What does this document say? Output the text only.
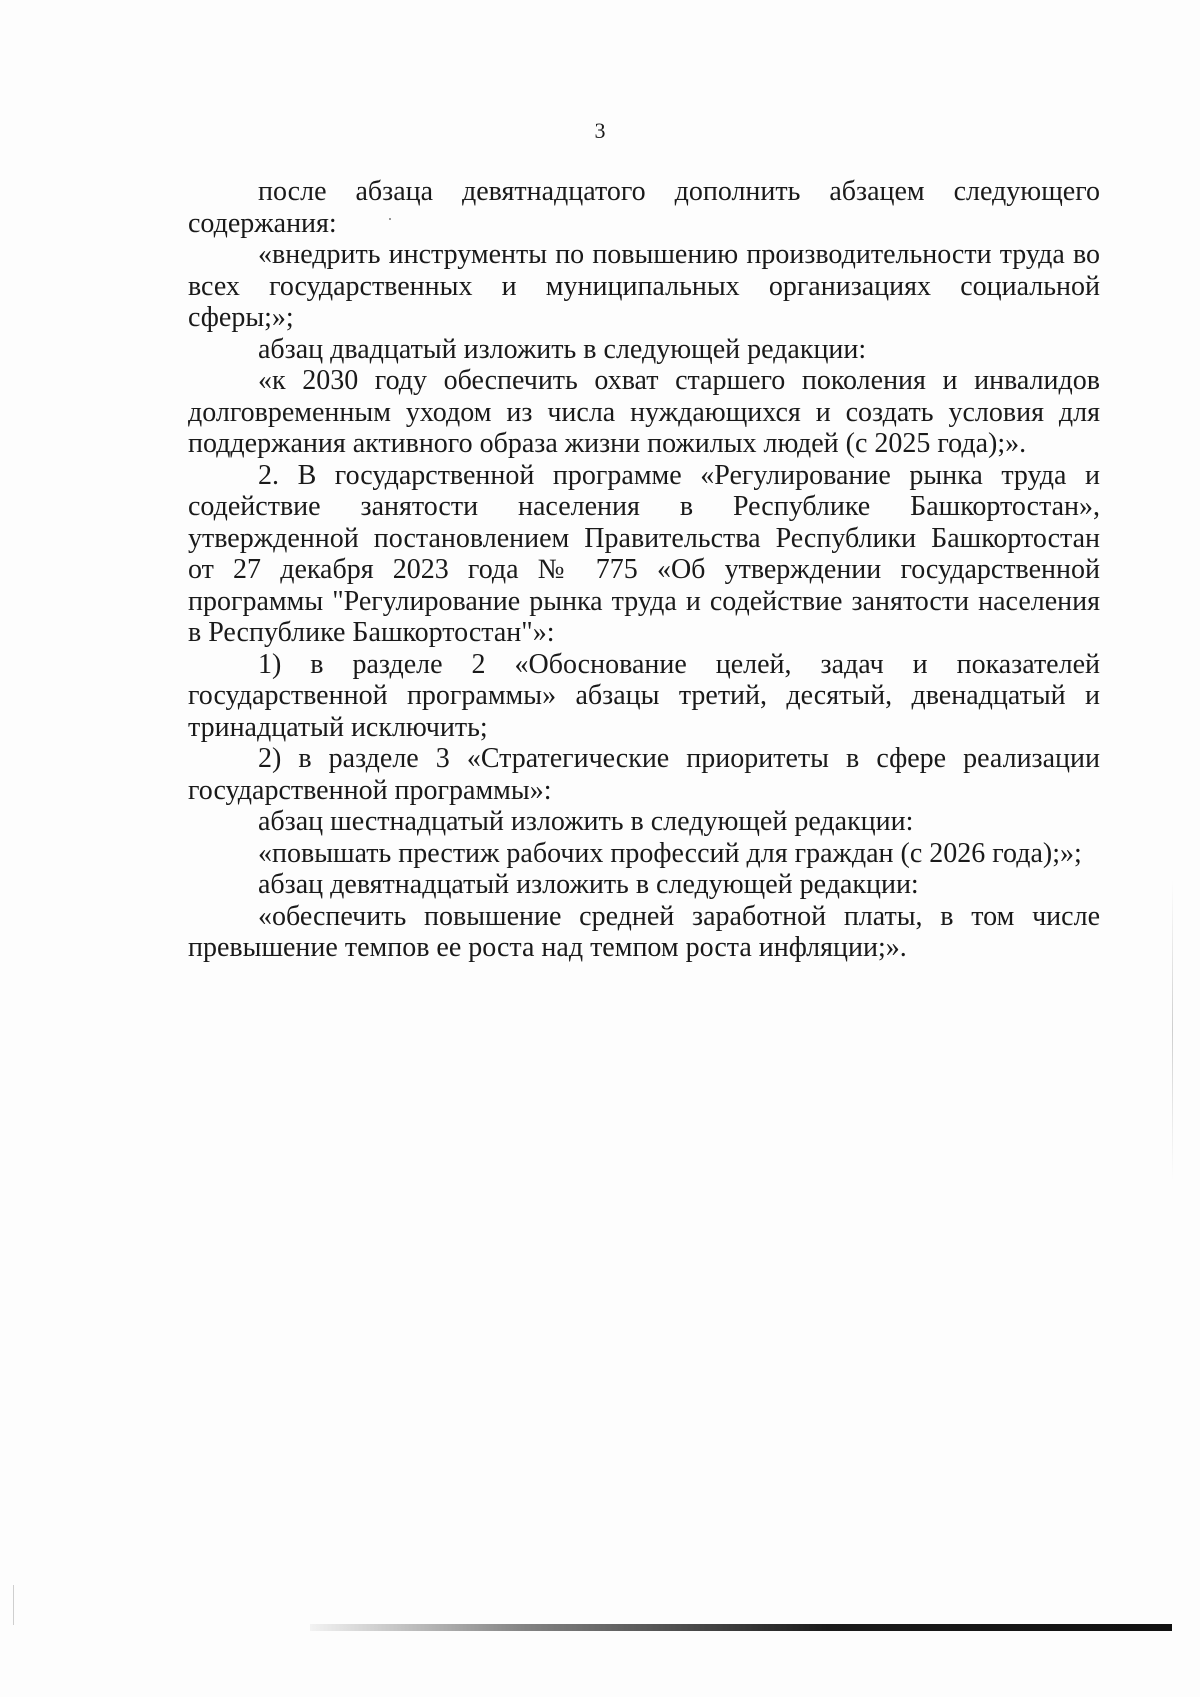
3

после абзаца девятнадцатого дополнить абзацем следующего содержания:

«внедрить инструменты по повышению производительности труда во всех государственных и муниципальных организациях социальной сферы;»;

абзац двадцатый изложить в следующей редакции:

«к 2030 году обеспечить охват старшего поколения и инвалидов долговременным уходом из числа нуждающихся и создать условия для поддержания активного образа жизни пожилых людей (с 2025 года);».

2. В государственной программе «Регулирование рынка труда и содействие занятости населения в Республике Башкортостан», утвержденной постановлением Правительства Республики Башкортостан от 27 декабря 2023 года № 775 «Об утверждении государственной программы "Регулирование рынка труда и содействие занятости населения в Республике Башкортостан"»:

1) в разделе 2 «Обоснование целей, задач и показателей государственной программы» абзацы третий, десятый, двенадцатый и тринадцатый исключить;

2) в разделе 3 «Стратегические приоритеты в сфере реализации государственной программы»:

абзац шестнадцатый изложить в следующей редакции:

«повышать престиж рабочих профессий для граждан (с 2026 года);»;

абзац девятнадцатый изложить в следующей редакции:

«обеспечить повышение средней заработной платы, в том числе превышение темпов ее роста над темпом роста инфляции;».
